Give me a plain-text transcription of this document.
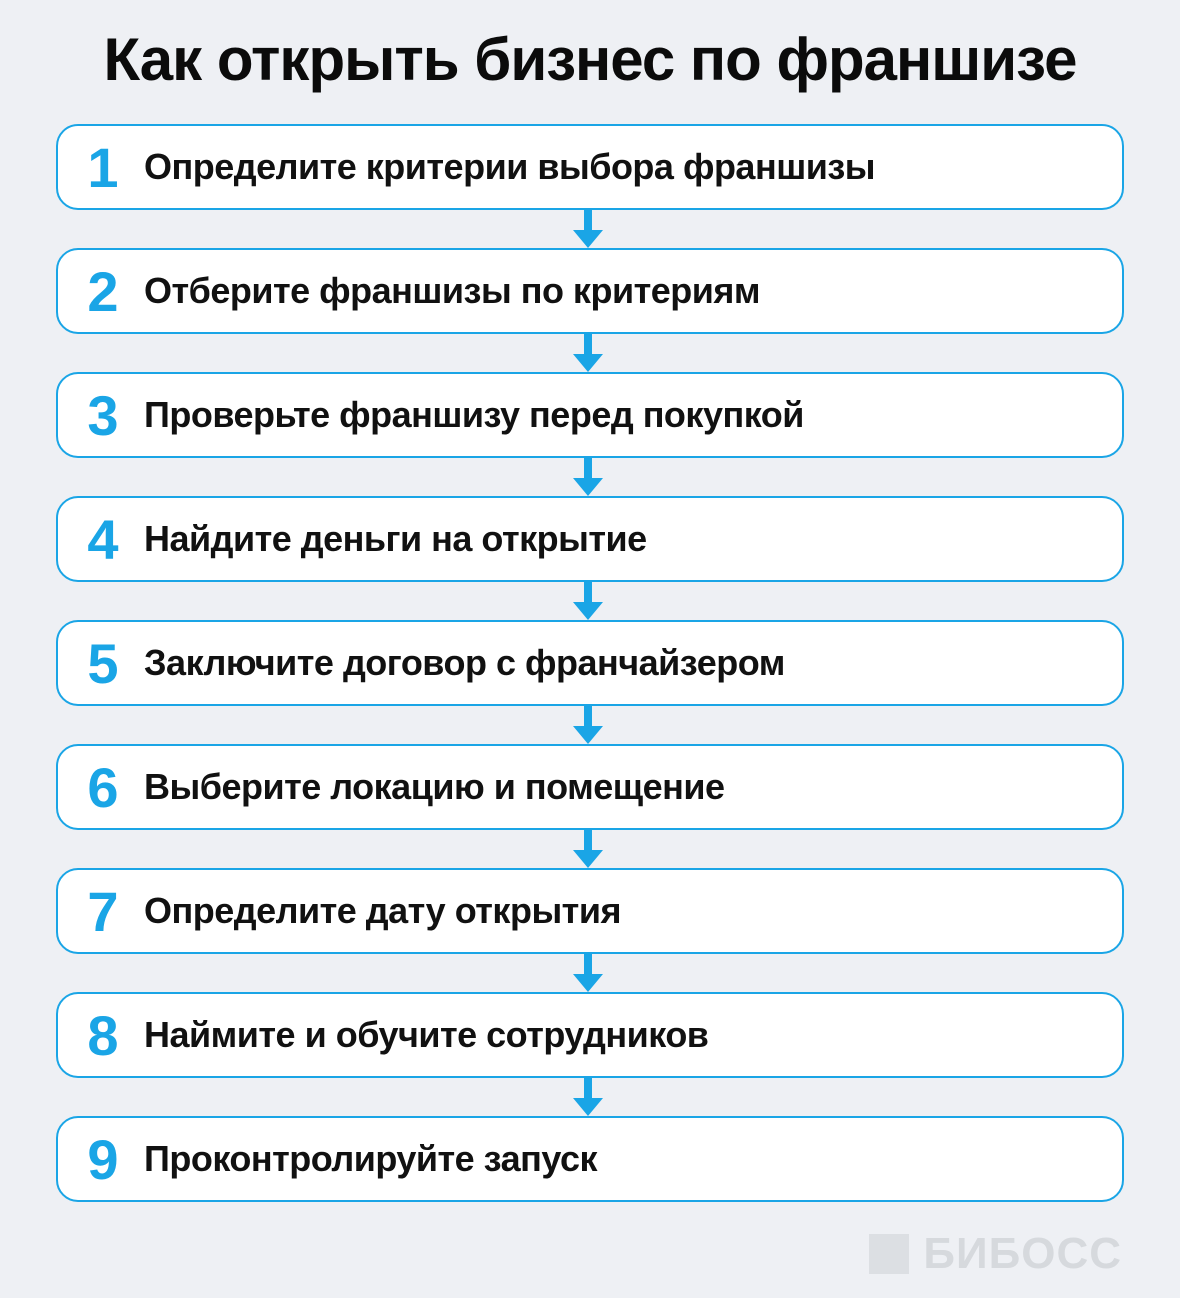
Как открыть бизнес по франшизе
1 Определите критерии выбора франшизы
2 Отберите франшизы по критериям
3 Проверьте франшизу перед покупкой
4 Найдите деньги на открытие
5 Заключите договор с франчайзером
6 Выберите локацию и помещение
7 Определите дату открытия
8 Наймите и обучите сотрудников
9 Проконтролируйте запуск
БИБОСС
